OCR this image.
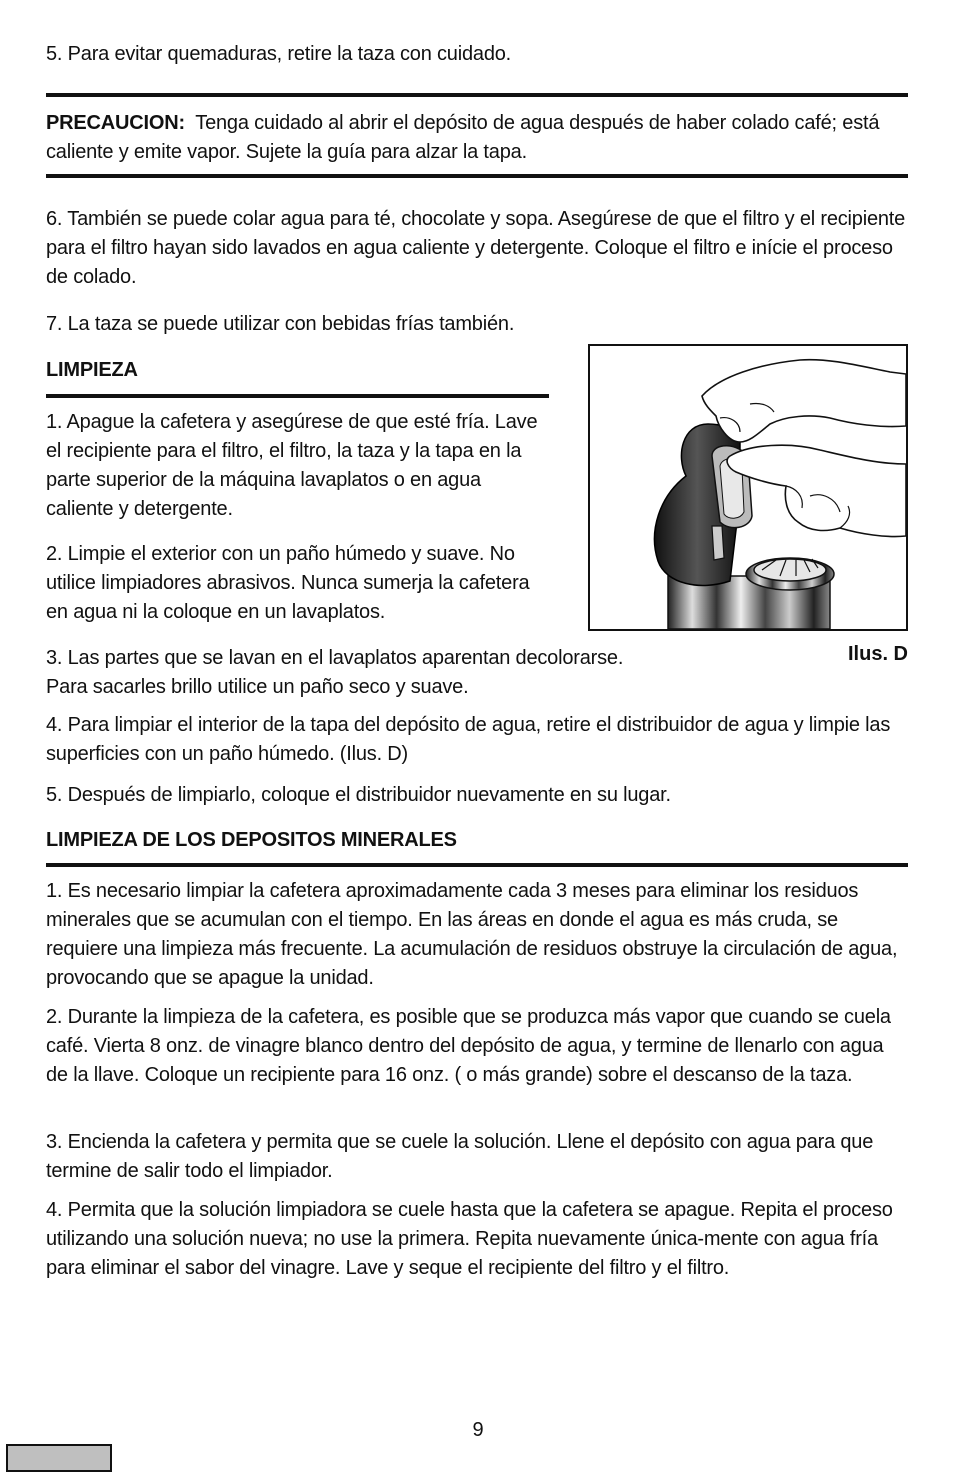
5. Para evitar quemaduras, retire la taza con cuidado.

PRECAUCION: Tenga cuidado al abrir el depósito de agua después de haber colado café; está caliente y emite vapor. Sujete la guía para alzar la tapa.

6. También se puede colar agua para té, chocolate y sopa. Asegúrese de que el filtro y el recipiente para el filtro hayan sido lavados en agua caliente y detergente. Coloque el filtro e inície el proceso de colado.

7. La taza se puede utilizar con bebidas frías también.

LIMPIEZA

1. Apague la cafetera y asegúrese de que esté fría. Lave el recipiente para el filtro, el filtro, la taza y la tapa en la parte superior de la máquina lavaplatos o en agua caliente y detergente.

2. Limpie el exterior con un paño húmedo y suave. No utilice limpiadores abrasivos. Nunca sumerja la cafetera en agua ni la coloque en un lavaplatos.

3. Las partes que se lavan en el lavaplatos aparentan decolorarse. Para sacarles brillo utilice un paño seco y suave.

4. Para limpiar el interior de la tapa del depósito de agua, retire el distribuidor de agua y limpie las superficies con un paño húmedo. (Ilus. D)

5. Después de limpiarlo, coloque el distribuidor nuevamente en su lugar.

LIMPIEZA DE LOS DEPOSITOS MINERALES

1. Es necesario limpiar la cafetera aproximadamente cada 3 meses para eliminar los residuos minerales que se acumulan con el tiempo. En las áreas en donde el agua es más cruda, se requiere una limpieza más frecuente. La acumulación de residuos obstruye la circulación de agua, provocando que se apague la unidad.

2. Durante la limpieza de la cafetera, es posible que se produzca más vapor que cuando se cuela café. Vierta 8 onz. de vinagre blanco dentro del depósito de agua, y termine de llenarlo con agua de la llave. Coloque un recipiente para 16 onz. ( o más grande) sobre el descanso de la taza.

3. Encienda la cafetera y permita que se cuele la solución. Llene el depósito con agua para que termine de salir todo el limpiador.

4. Permita que la solución limpiadora se cuele hasta que la cafetera se apague. Repita el proceso utilizando una solución nueva; no use la primera. Repita nuevamente única-mente con agua fría para eliminar el sabor del vinagre. Lave y seque el recipiente del filtro y el filtro.

Ilus. D
9
